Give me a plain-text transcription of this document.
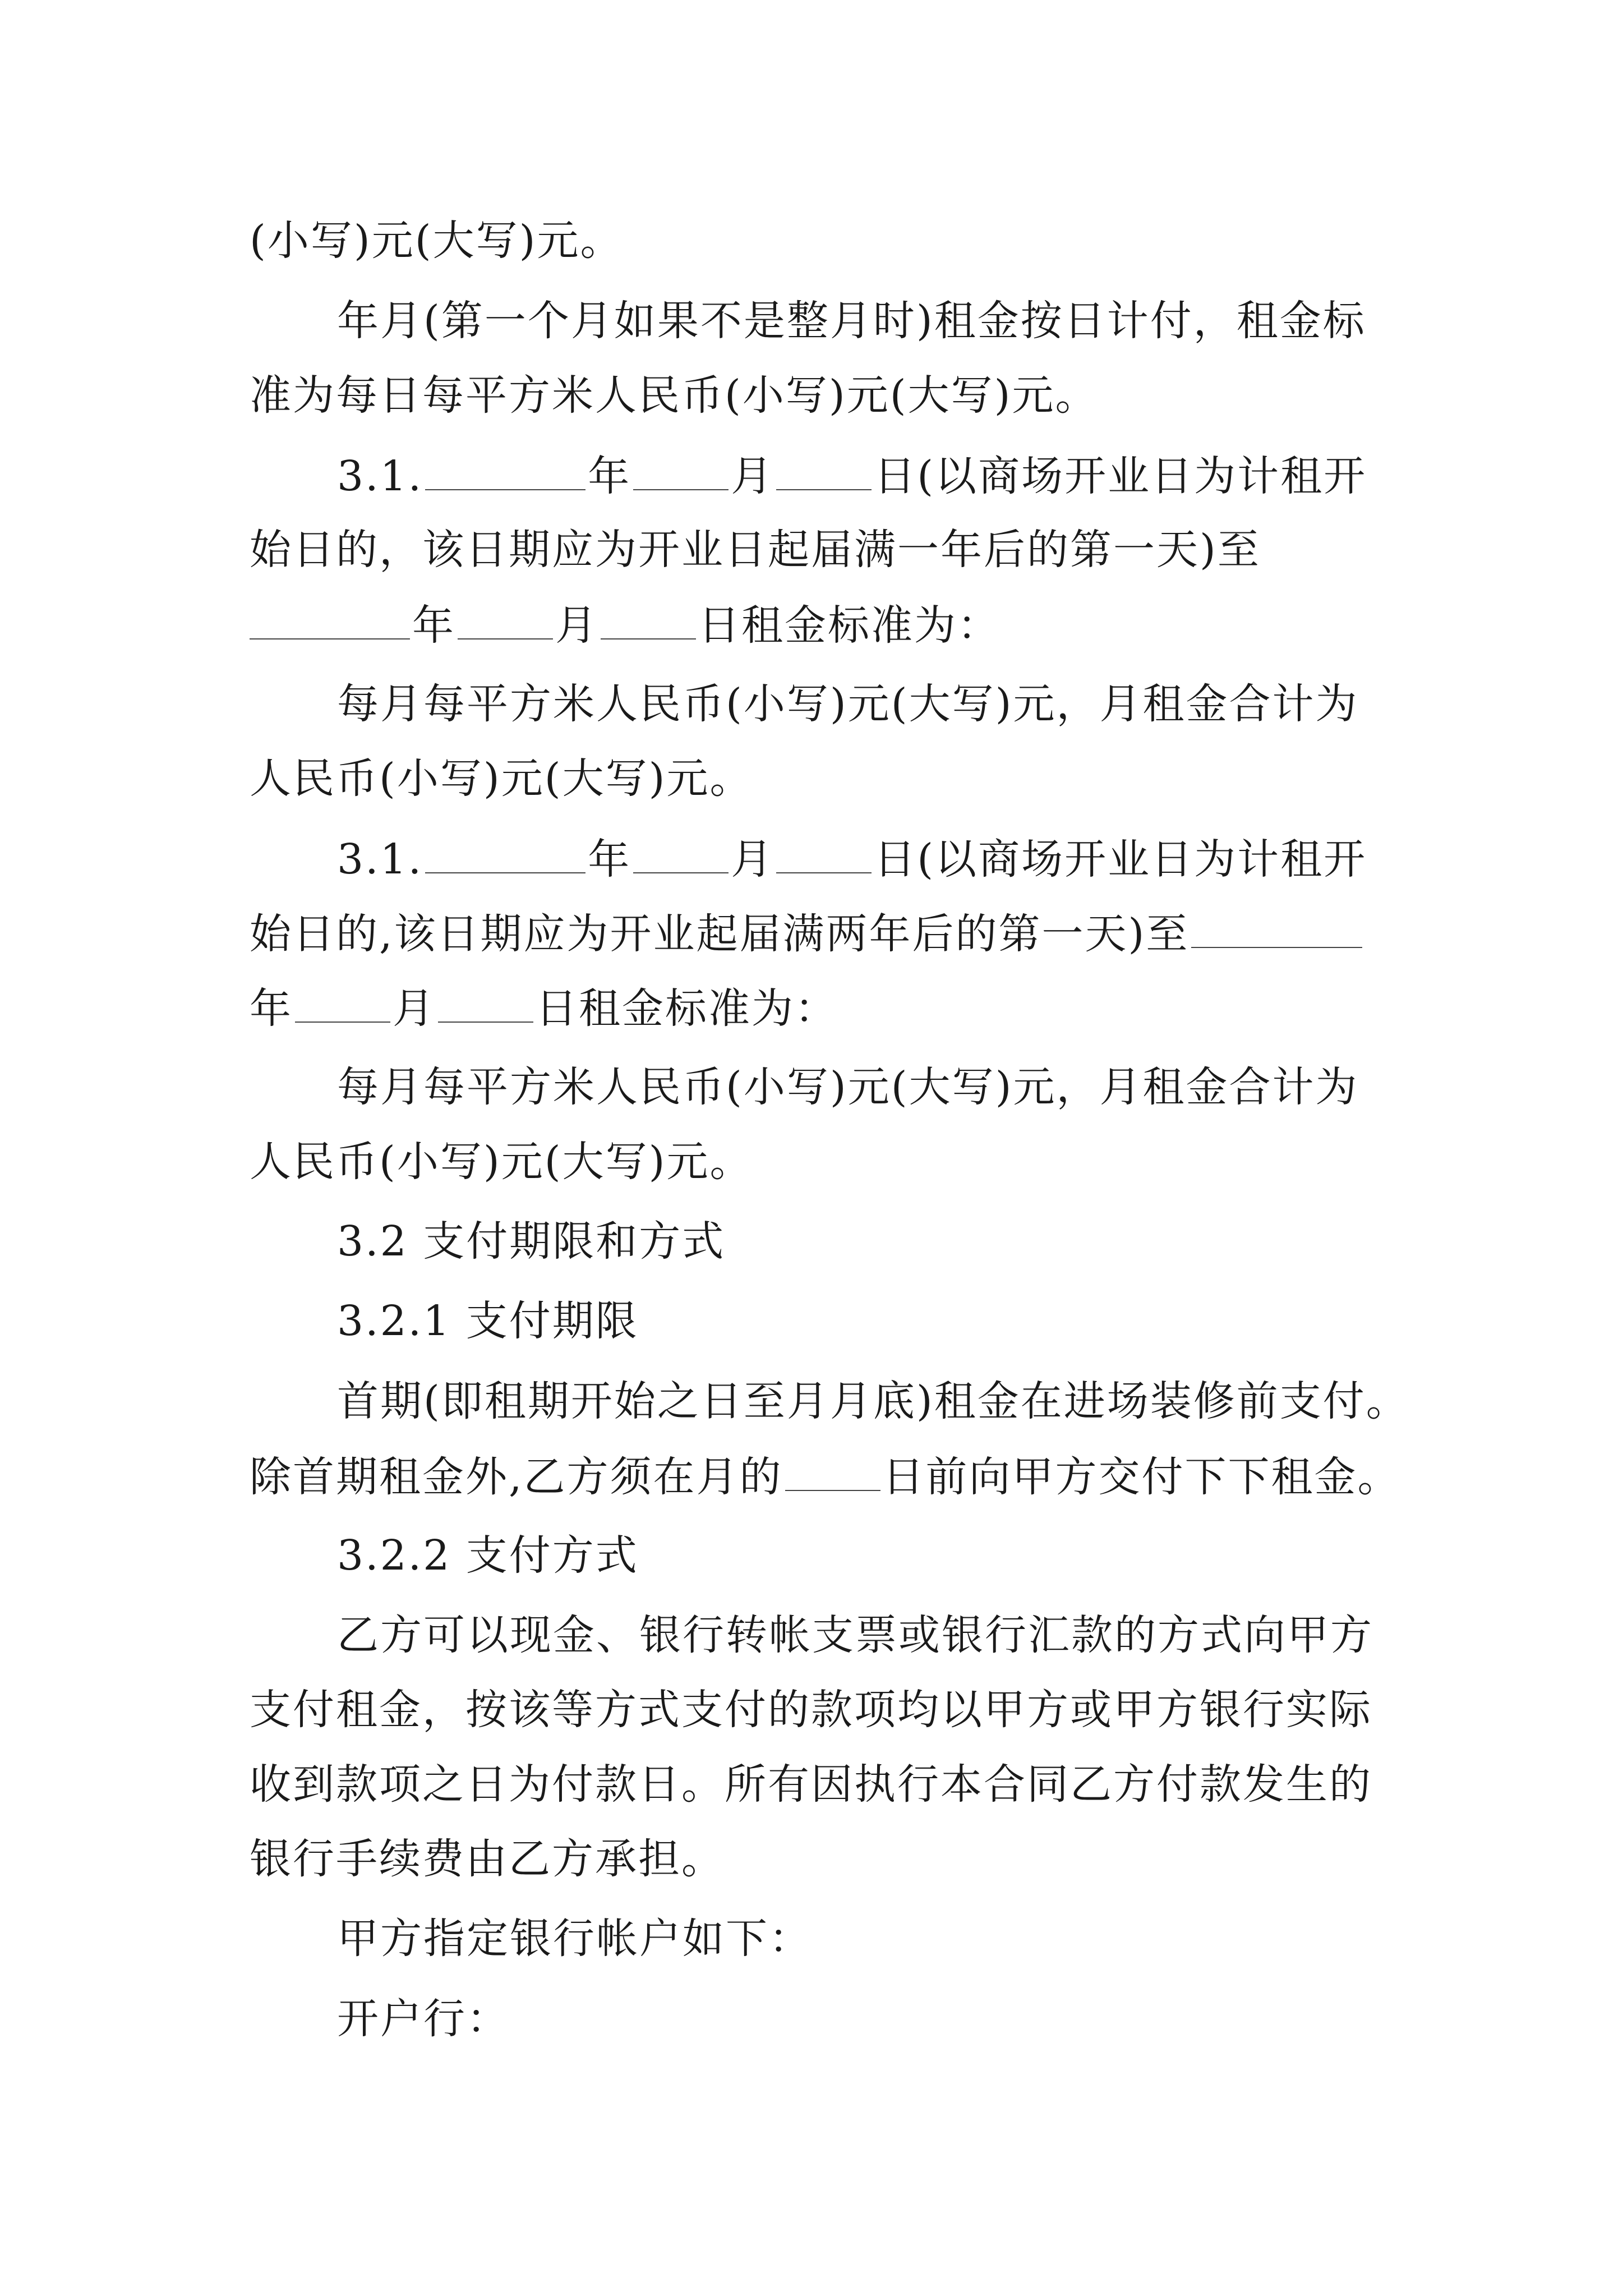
(小写)元(大写)元。
年月(第一个月如果不是整月时)租金按日计付，租金标
准为每日每平方米人民币(小写)元(大写)元。
3.1.	年 月 日(以商场开业日为计租开
始日的，该日期应为开业日起届满一年后的第一天)至
年 月 日租金标准为：
每月每平方米人民币(小写)元(大写)元，月租金合计为
人民币(小写)元(大写)元。
3.1.	年 月 日(以商场开业日为计租开
始日的,该日期应为开业起届满两年后的第一天)至
年 月 日租金标准为：
每月每平方米人民币(小写)元(大写)元，月租金合计为
人民币(小写)元(大写)元。
3.2 支付期限和方式
3.2.1 支付期限
首期(即租期开始之日至月月底)租金在进场装修前支付。
除首期租金外,乙方须在月的 日前向甲方交付下下租金。
3.2.2 支付方式
乙方可以现金、银行转帐支票或银行汇款的方式向甲方
支付租金，按该等方式支付的款项均以甲方或甲方银行实际
收到款项之日为付款日。所有因执行本合同乙方付款发生的
银行手续费由乙方承担。
甲方指定银行帐户如下：
开户行：
